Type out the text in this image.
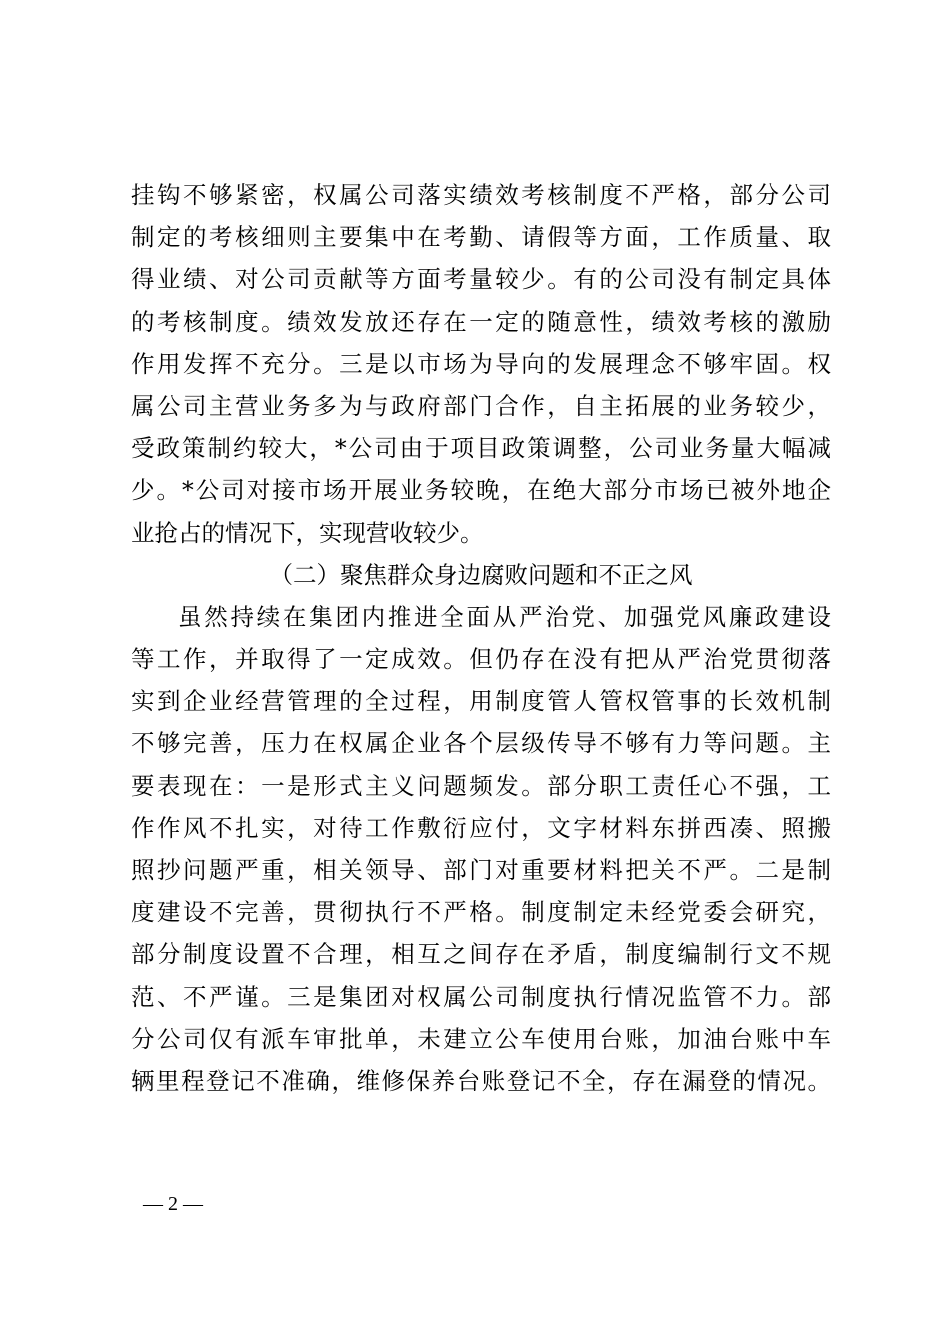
挂钩不够紧密，权属公司落实绩效考核制度不严格，部分公司
制定的考核细则主要集中在考勤、请假等方面，工作质量、取
得业绩、对公司贡献等方面考量较少。有的公司没有制定具体
的考核制度。绩效发放还存在一定的随意性，绩效考核的激励
作用发挥不充分。三是以市场为导向的发展理念不够牢固。权
属公司主营业务多为与政府部门合作，自主拓展的业务较少，
受政策制约较大，*公司由于项目政策调整，公司业务量大幅减
少。*公司对接市场开展业务较晚，在绝大部分市场已被外地企
业抢占的情况下，实现营收较少。
（二）聚焦群众身边腐败问题和不正之风
虽然持续在集团内推进全面从严治党、加强党风廉政建设
等工作，并取得了一定成效。但仍存在没有把从严治党贯彻落
实到企业经营管理的全过程，用制度管人管权管事的长效机制
不够完善，压力在权属企业各个层级传导不够有力等问题。主
要表现在：一是形式主义问题频发。部分职工责任心不强，工
作作风不扎实，对待工作敷衍应付，文字材料东拼西凑、照搬
照抄问题严重，相关领导、部门对重要材料把关不严。二是制
度建设不完善，贯彻执行不严格。制度制定未经党委会研究，
部分制度设置不合理，相互之间存在矛盾，制度编制行文不规
范、不严谨。三是集团对权属公司制度执行情况监管不力。部
分公司仅有派车审批单，未建立公车使用台账，加油台账中车
辆里程登记不准确，维修保养台账登记不全，存在漏登的情况。
— 2 —
